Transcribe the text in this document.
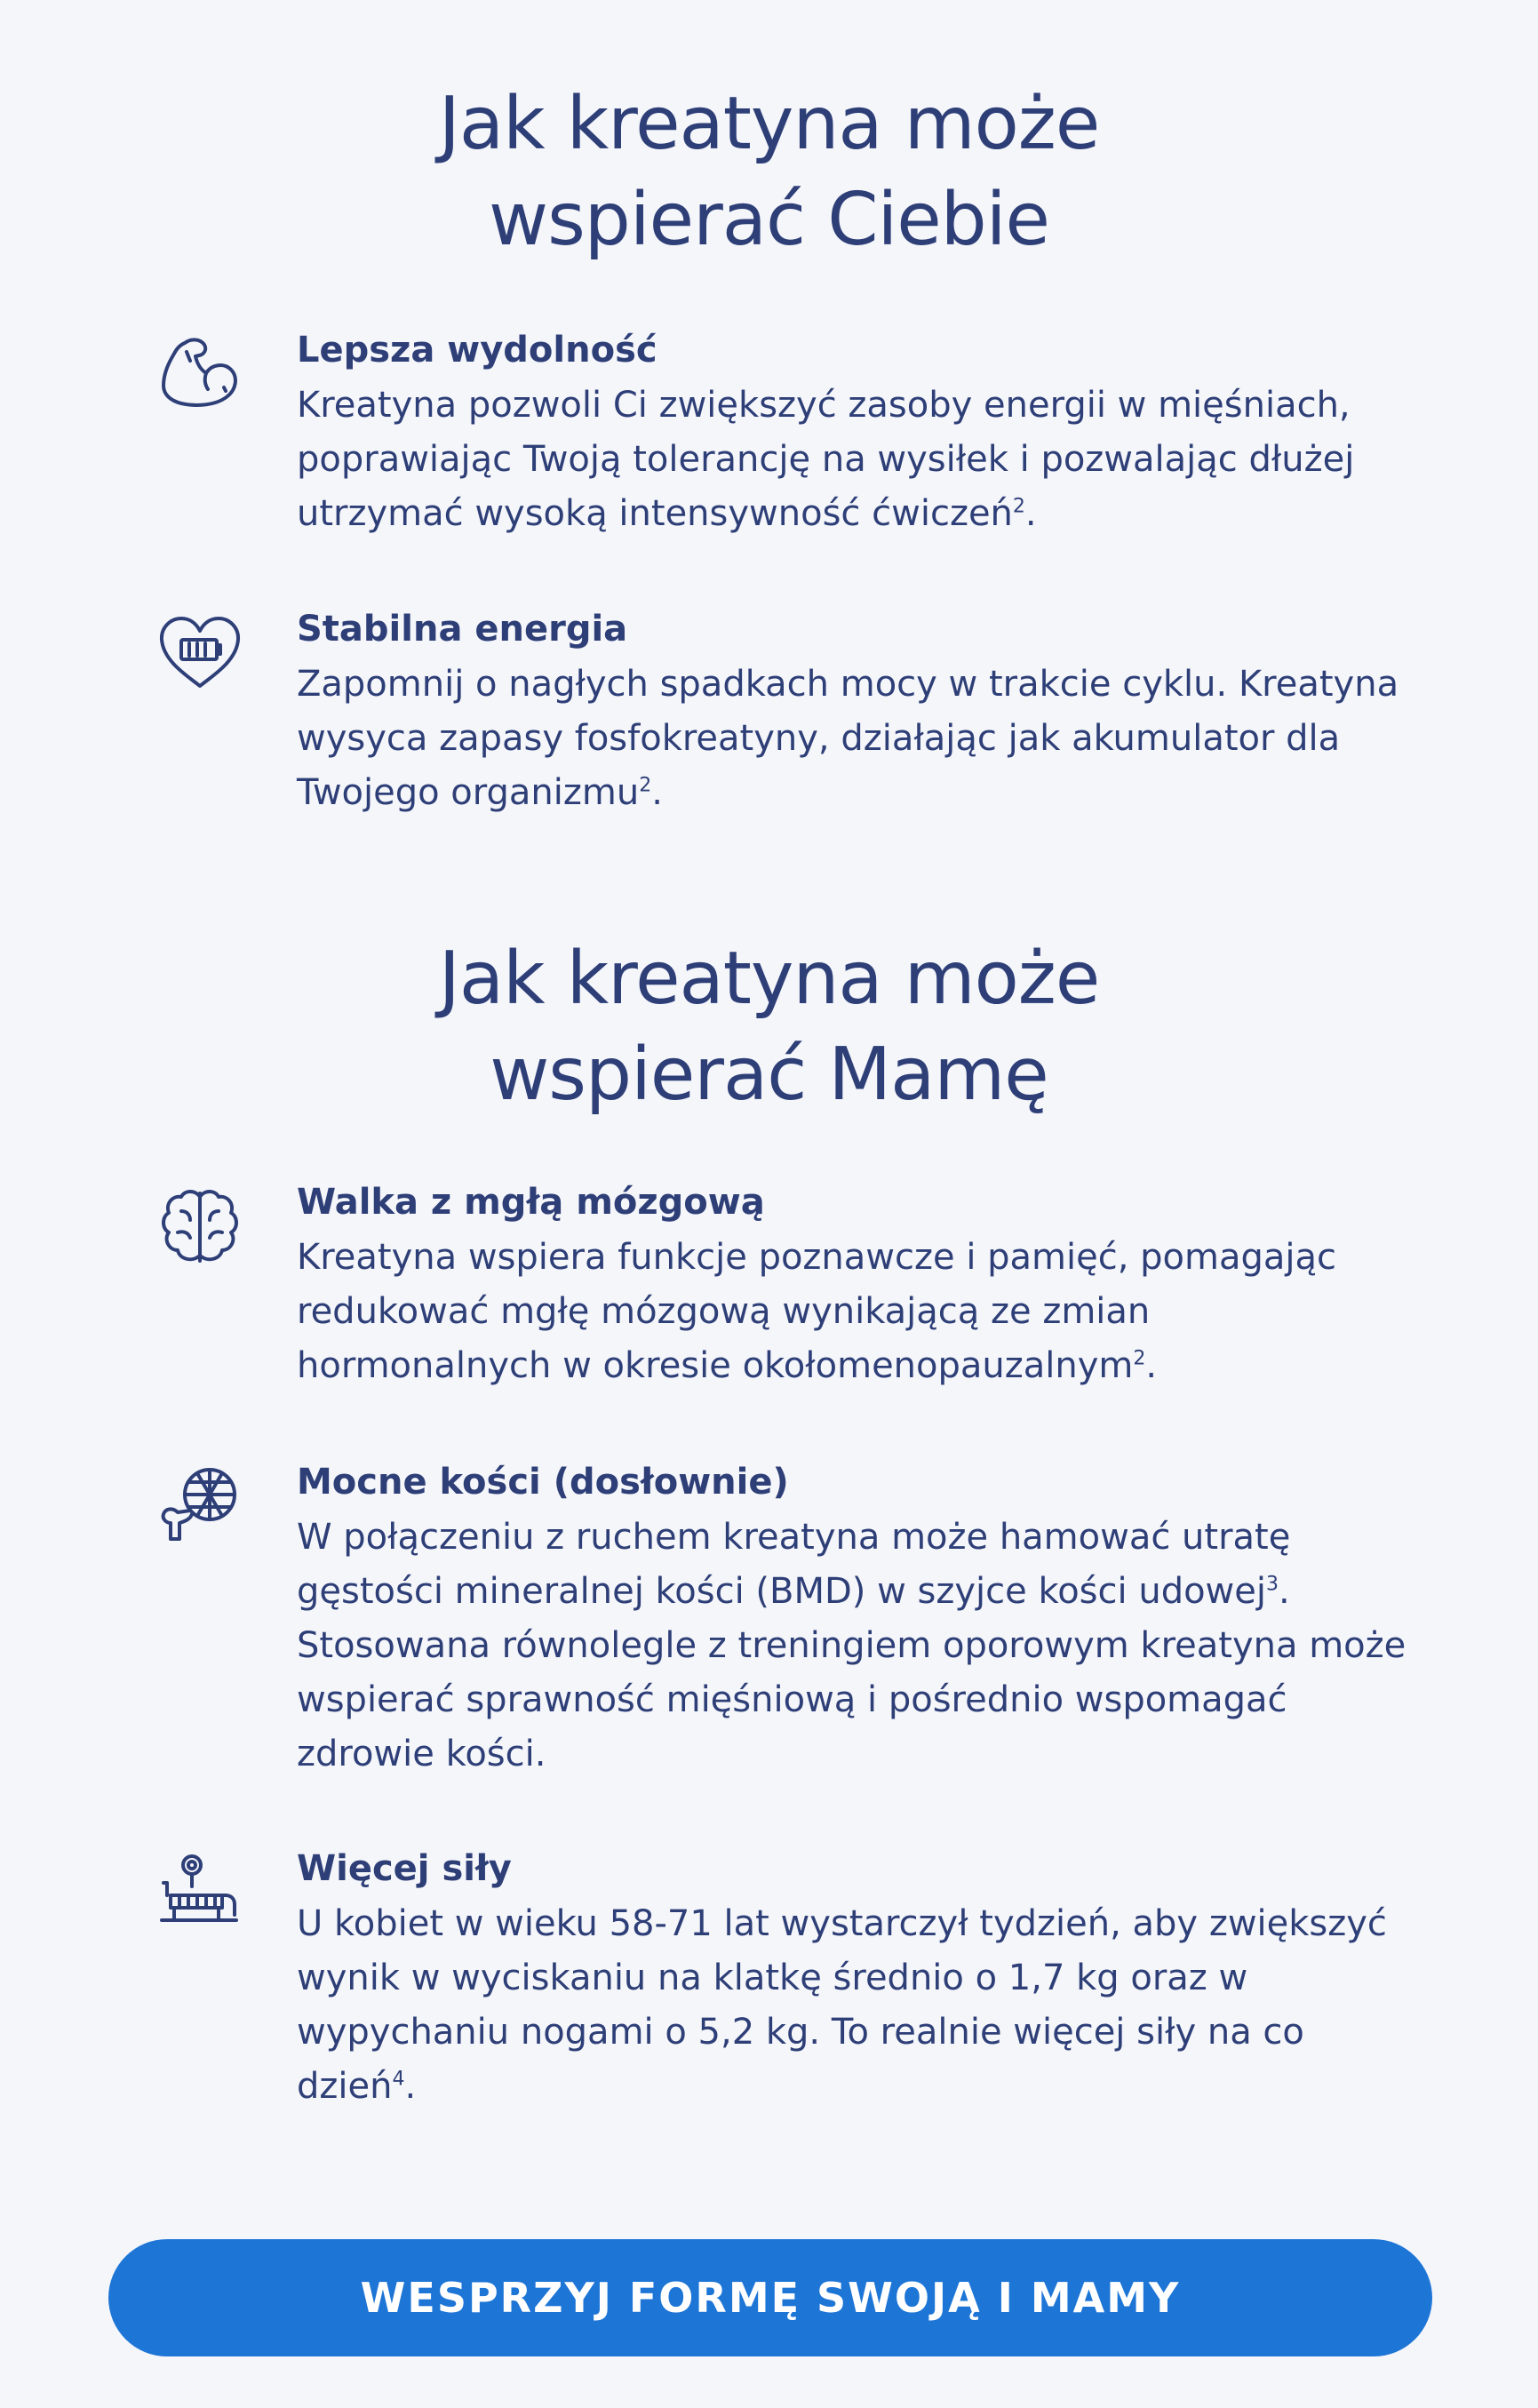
Jak kreatyna może
wspierać Ciebie

Lepsza wydolność

Kreatyna pozwoli Ci zwiększyć zasoby energii w mięśniach, poprawiając Twoją tolerancję na wysiłek i pozwalając dłużej utrzymać wysoką intensywność ćwiczeń$^2$.

Stabilna energia

Zapomnij o nagłych spadkach mocy w trakcie cyklu. Kreatyna wysyca zapasy fosfokreatyny, działając jak akumulator dla Twojego organizmu$^2$.

Jak kreatyna może
wspierać Mamę

Walka z mgłą mózgową

Kreatyna wspiera funkcje poznawcze i pamięć, pomagając redukować mgłę mózgową wynikającą ze zmian hormonalnych w okresie okołomenopauzalnym$^2$.

Mocne kości (dosłownie)

W połączeniu z ruchem kreatyna może hamować utratę gęstości mineralnej kości (BMD) w szyjce kości udowej$^3$. Stosowana równolegle z treningiem oporowym kreatyna może wspierać sprawność mięśniową i pośrednio wspomagać zdrowie kości.

Więcej siły

U kobiet w wieku 58-71 lat wystarczył tydzień, aby zwiększyć wynik w wyciskaniu na klatkę średnio o 1,7 kg oraz w wypychaniu nogami o 5,2 kg. To realnie więcej siły na co dzień$^4$.

WESPRZYJ FORMĘ SWOJĄ I MAMY
